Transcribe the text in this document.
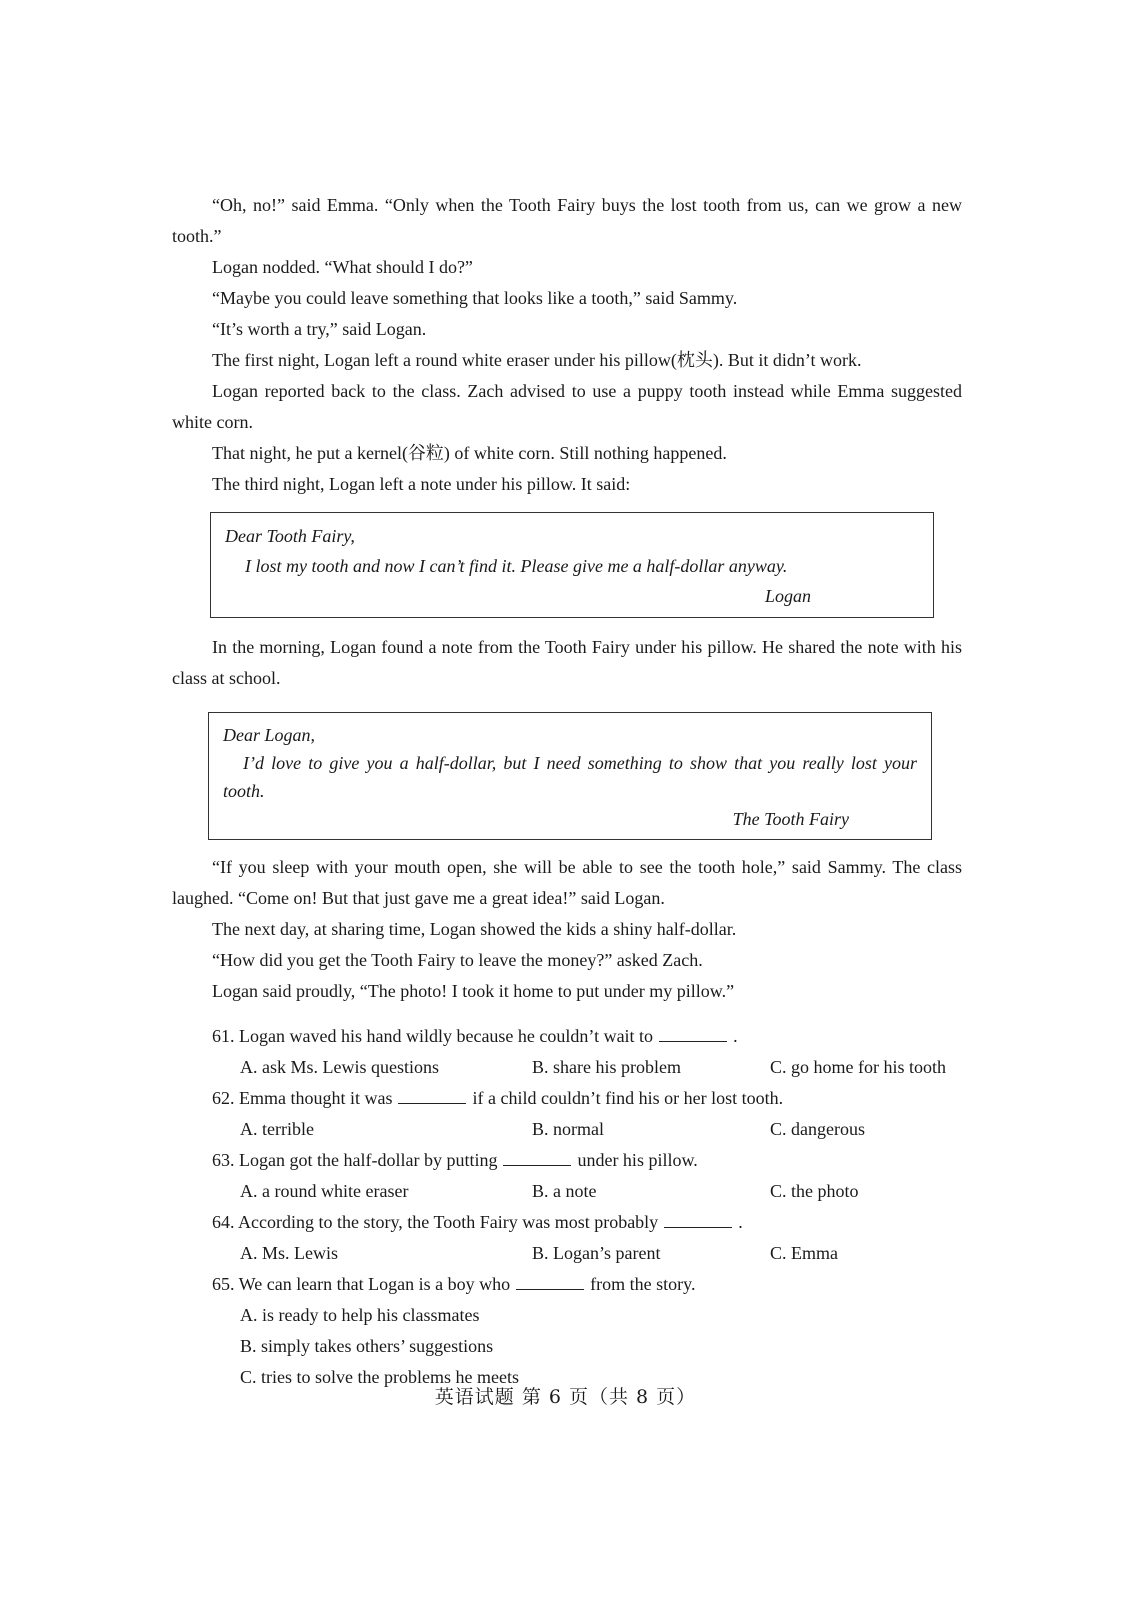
“Oh, no!” said Emma. “Only when the Tooth Fairy buys the lost tooth from us, can we grow a new tooth.”

Logan nodded. “What should I do?”

“Maybe you could leave something that looks like a tooth,” said Sammy.

“It’s worth a try,” said Logan.

The first night, Logan left a round white eraser under his pillow(枕头). But it didn’t work.

Logan reported back to the class. Zach advised to use a puppy tooth instead while Emma suggested white corn.

That night, he put a kernel(谷粒) of white corn. Still nothing happened.

The third night, Logan left a note under his pillow. It said:

Dear Tooth Fairy,
I lost my tooth and now I can’t find it. Please give me a half-dollar anyway.
Logan

In the morning, Logan found a note from the Tooth Fairy under his pillow. He shared the note with his class at school.

Dear Logan,
I’d love to give you a half-dollar, but I need something to show that you really lost your tooth.
The Tooth Fairy

“If you sleep with your mouth open, she will be able to see the tooth hole,” said Sammy. The class laughed. “Come on! But that just gave me a great idea!” said Logan.

The next day, at sharing time, Logan showed the kids a shiny half-dollar.

“How did you get the Tooth Fairy to leave the money?” asked Zach.

Logan said proudly, “The photo! I took it home to put under my pillow.”

61. Logan waved his hand wildly because he couldn’t wait to	.
A. ask Ms. Lewis questions	B. share his problem	C. go home for his tooth
62. Emma thought it was	if a child couldn’t find his or her lost tooth.
A. terrible	B. normal	C. dangerous
63. Logan got the half-dollar by putting	under his pillow.
A. a round white eraser	B. a note	C. the photo
64. According to the story, the Tooth Fairy was most probably	.
A. Ms. Lewis	B. Logan’s parent	C. Emma
65. We can learn that Logan is a boy who	from the story.
A. is ready to help his classmates
B. simply takes others’ suggestions
C. tries to solve the problems he meets
英语试题 第 6 页（共 8 页）
